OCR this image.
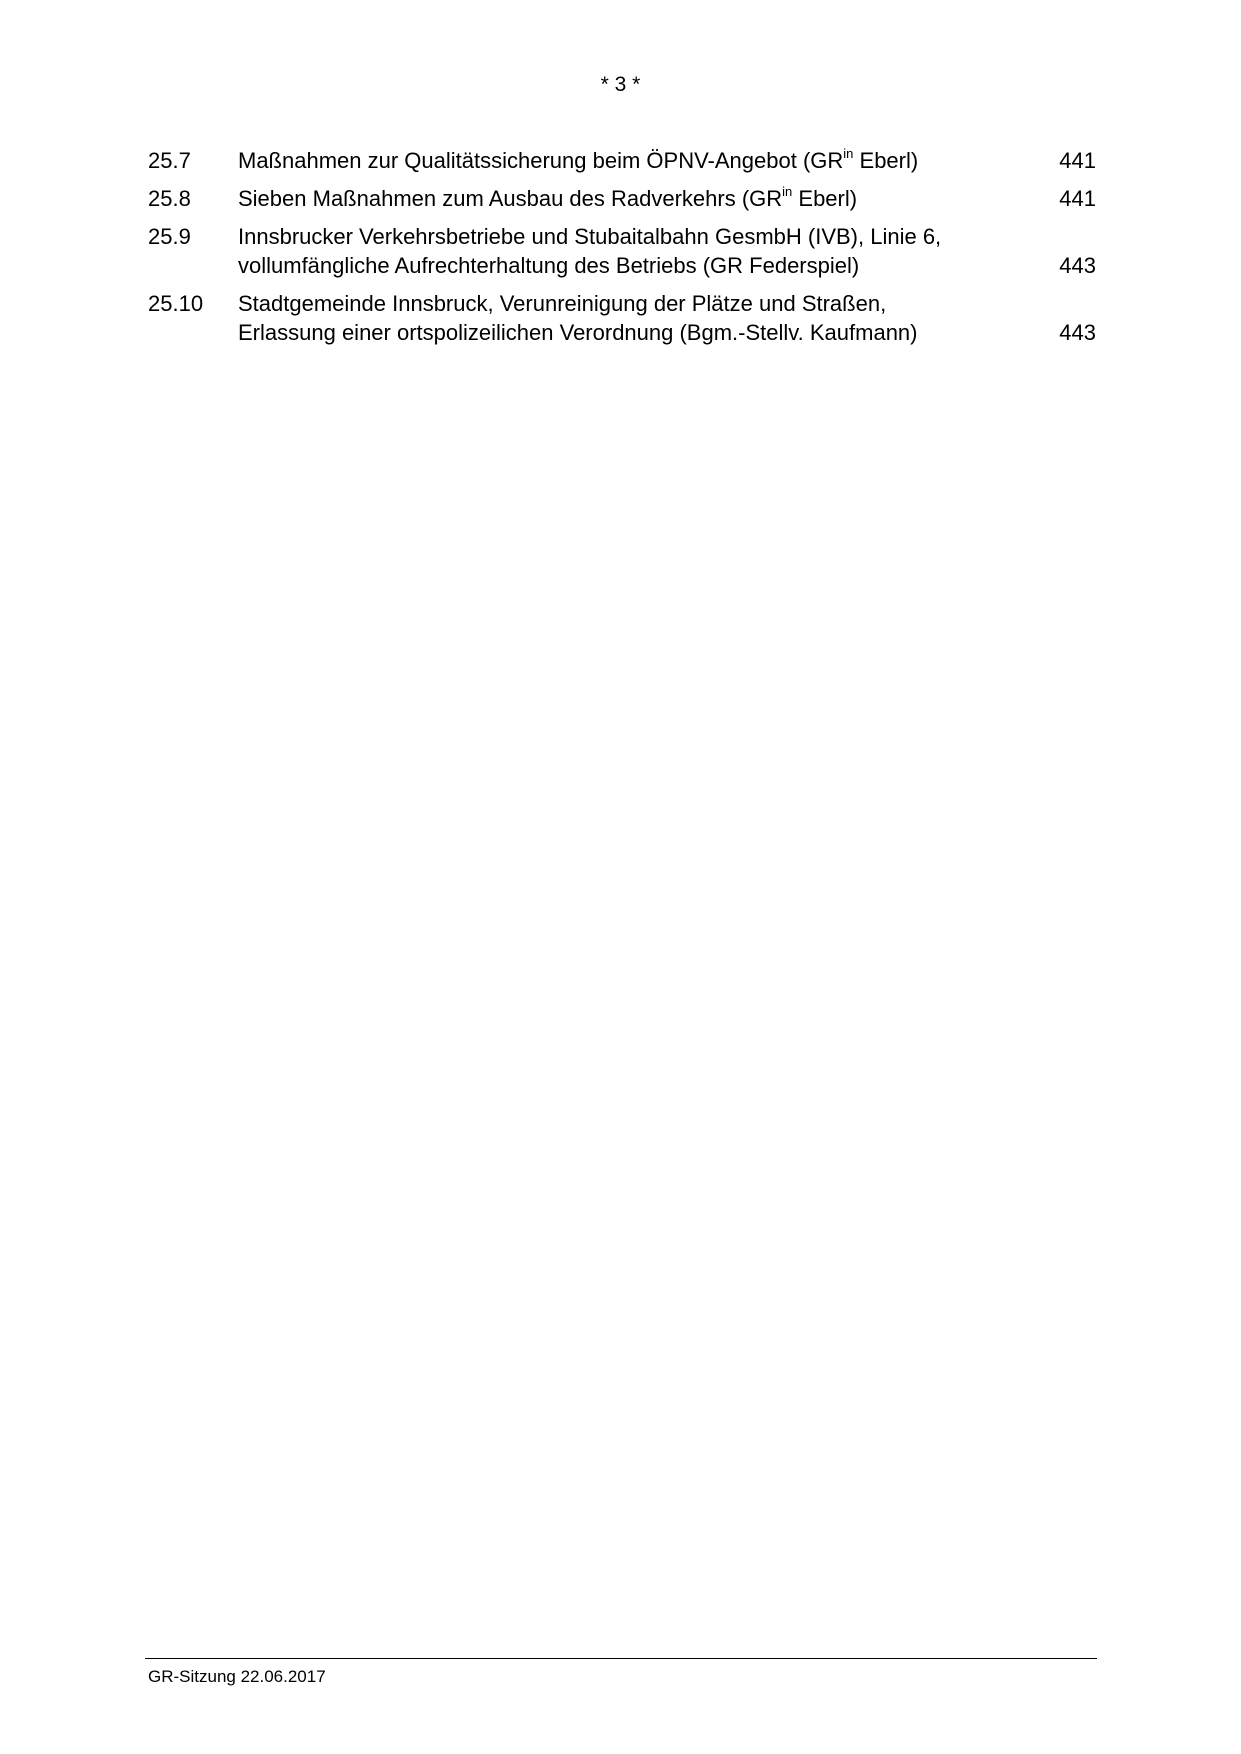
* 3 *
25.7	Maßnahmen zur Qualitätssicherung beim ÖPNV-Angebot ($GR^{in}$ Eberl)	441
25.8	Sieben Maßnahmen zum Ausbau des Radverkehrs ($GR^{in}$ Eberl)	441
25.9	Innsbrucker Verkehrsbetriebe und Stubaitalbahn GesmbH (IVB), Linie 6,
vollumfängliche Aufrechterhaltung des Betriebs (GR Federspiel)	443
25.10	Stadtgemeinde Innsbruck, Verunreinigung der Plätze und Straßen,
Erlassung einer ortspolizeilichen Verordnung (Bgm.-Stellv. Kaufmann)	443
GR-Sitzung 22.06.2017
